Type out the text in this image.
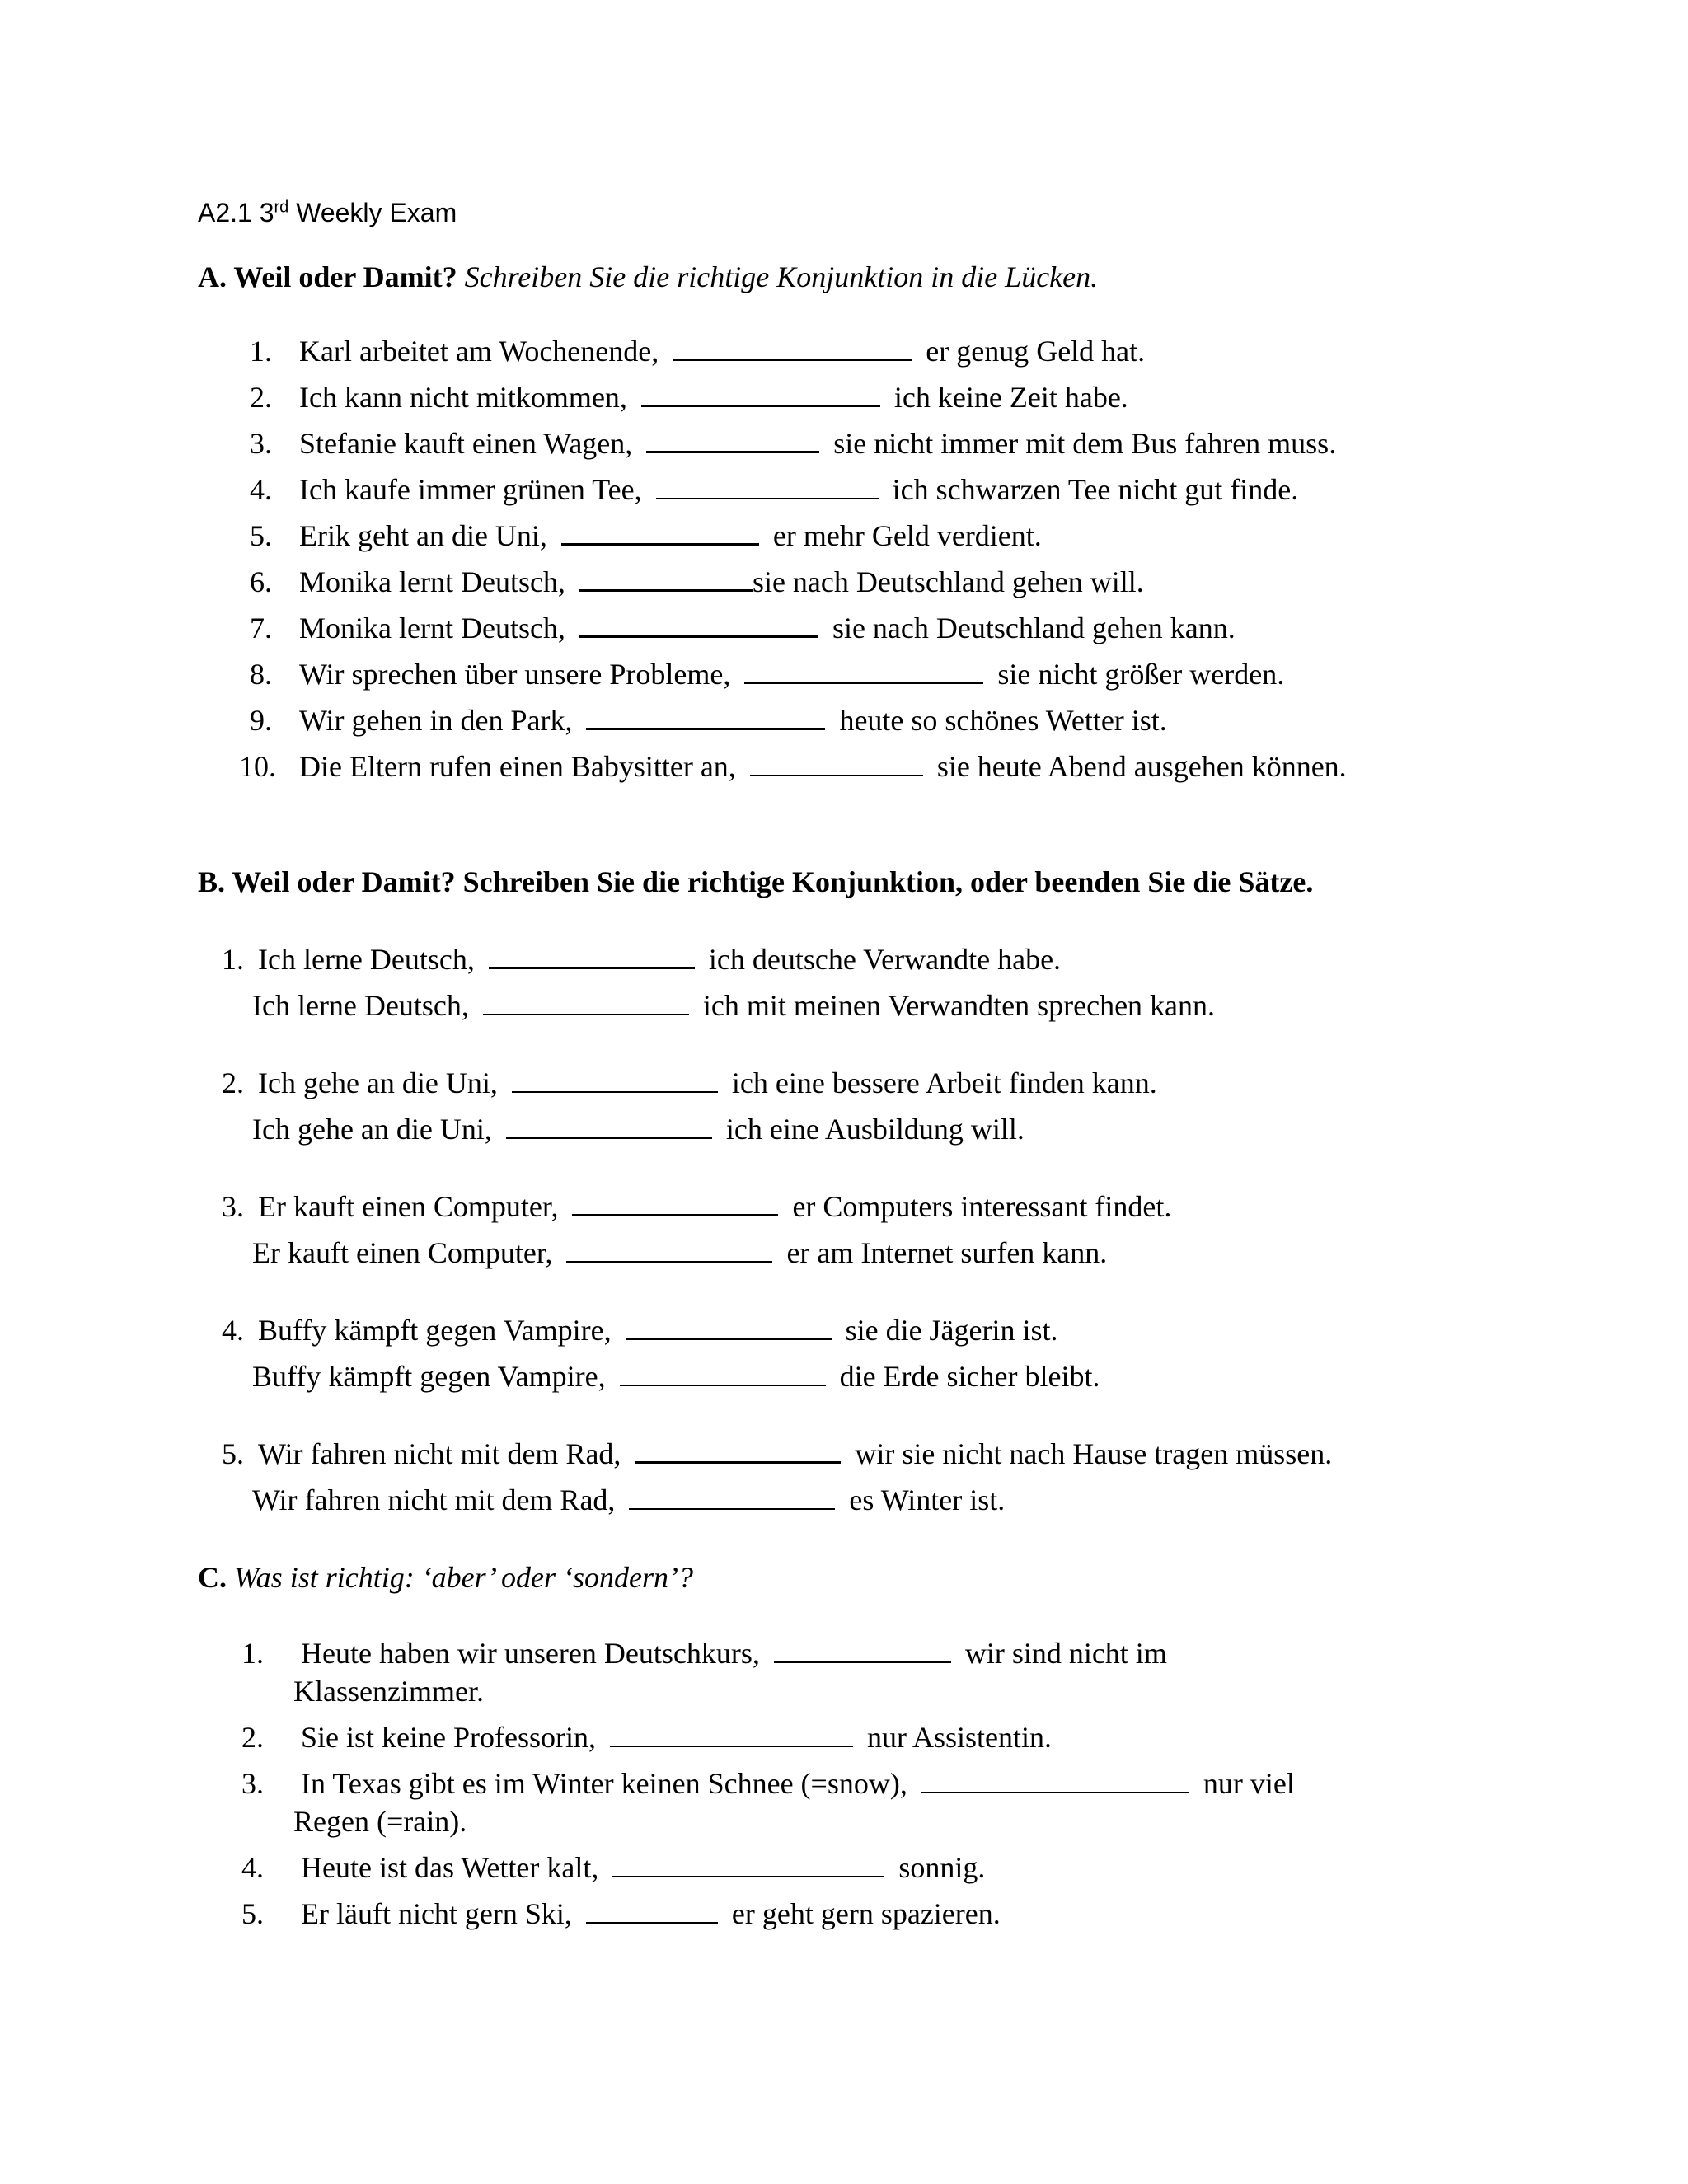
A2.1 3rd Weekly Exam
A. Weil oder Damit? Schreiben Sie die richtige Konjunktion in die Lücken.
1. Karl arbeitet am Wochenende,	er genug Geld hat.
2. Ich kann nicht mitkommen,	ich keine Zeit habe.
3. Stefanie kauft einen Wagen,	sie nicht immer mit dem Bus fahren muss.
4. Ich kaufe immer grünen Tee,	ich schwarzen Tee nicht gut finde.
5. Erik geht an die Uni,	er mehr Geld verdient.
6. Monika lernt Deutsch,	sie nach Deutschland gehen will.
7. Monika lernt Deutsch,	sie nach Deutschland gehen kann.
8. Wir sprechen über unsere Probleme,	sie nicht größer werden.
9. Wir gehen in den Park,	heute so schönes Wetter ist.
10. Die Eltern rufen einen Babysitter an,	sie heute Abend ausgehen können.
B. Weil oder Damit? Schreiben Sie die richtige Konjunktion, oder beenden Sie die Sätze.
1. Ich lerne Deutsch,	ich deutsche Verwandte habe.
Ich lerne Deutsch,	ich mit meinen Verwandten sprechen kann.
2. Ich gehe an die Uni,	ich eine bessere Arbeit finden kann.
Ich gehe an die Uni,	ich eine Ausbildung will.
3. Er kauft einen Computer,	er Computers interessant findet.
Er kauft einen Computer,	er am Internet surfen kann.
4. Buffy kämpft gegen Vampire,	sie die Jägerin ist.
Buffy kämpft gegen Vampire,	die Erde sicher bleibt.
5. Wir fahren nicht mit dem Rad,	wir sie nicht nach Hause tragen müssen.
Wir fahren nicht mit dem Rad,	es Winter ist.
C. Was ist richtig: ‘aber’ oder ‘sondern’?
1. Heute haben wir unseren Deutschkurs,	wir sind nicht im
Klassenzimmer.
2. Sie ist keine Professorin,	nur Assistentin.
3. In Texas gibt es im Winter keinen Schnee (=snow),	nur viel
Regen (=rain).
4. Heute ist das Wetter kalt,	sonnig.
5. Er läuft nicht gern Ski,	er geht gern spazieren.
